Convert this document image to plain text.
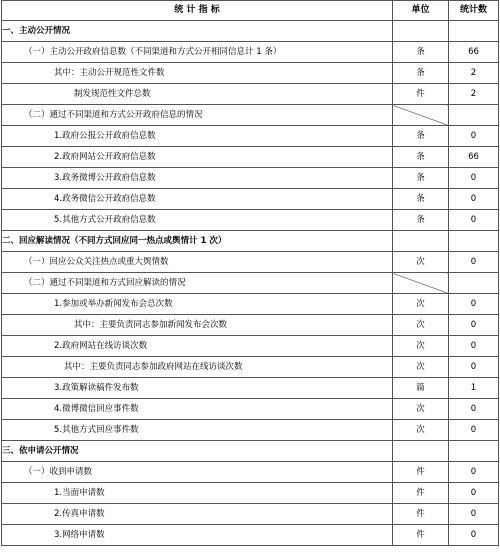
统 计 指 标	单位	统计数
一、主动公开情况		
（一）主动公开政府信息数（不同渠道和方式公开相同信息计 1 条）	条	66
其中：主动公开规范性文件数	条	2
制发规范性文件总数	件	2
（二）通过不同渠道和方式公开政府信息的情况		
1.政府公报公开政府信息数	条	0
2.政府网站公开政府信息数	条	66
3.政务微博公开政府信息数	条	0
4.政务微信公开政府信息数	条	0
5.其他方式公开政府信息数	条	0
二、回应解读情况（不同方式回应同一热点或舆情计 1 次）		
（一）回应公众关注热点或重大舆情数	次	0
（二）通过不同渠道和方式回应解读的情况		
1.参加或举办新闻发布会总次数	次	0
其中：主要负责同志参加新闻发布会次数	次	0
2.政府网站在线访谈次数	次	0
其中：主要负责同志参加政府网站在线访谈次数	次	0
3.政策解读稿件发布数	篇	1
4.微博微信回应事件数	次	0
5.其他方式回应事件数	次	0
三、依申请公开情况		
（一）收到申请数	件	0
1.当面申请数	件	0
2.传真申请数	件	0
3.网络申请数	件	0
